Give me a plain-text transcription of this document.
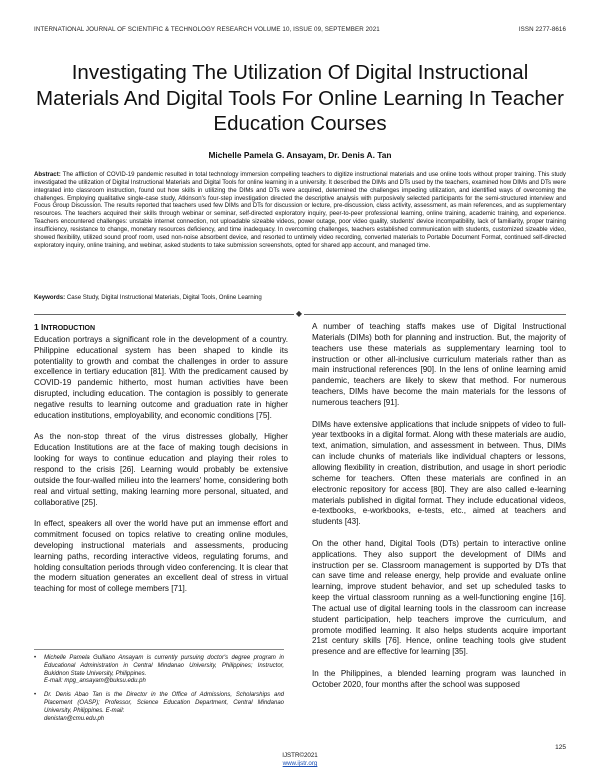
INTERNATIONAL JOURNAL OF SCIENTIFIC & TECHNOLOGY RESEARCH VOLUME 10, ISSUE 09, SEPTEMBER 2021	ISSN 2277-8616
Investigating The Utilization Of Digital Instructional Materials And Digital Tools For Online Learning In Teacher Education Courses
Michelle Pamela G. Ansayam, Dr. Denis A. Tan
Abstract: The affliction of COVID-19 pandemic resulted in total technology immersion compelling teachers to digitize instructional materials and use online tools without proper training. This study investigated the utilization of Digital Instructional Materials and Digital Tools for online learning in a university. It described the DIMs and DTs used by the teachers, examined how DIMs and DTs were integrated into classroom instruction, found out how skills in utilizing the DIMs and DTs were acquired, determined the challenges impeding utilization, and identified ways of overcoming the challenges. Employing qualitative single-case study, Atkinson's four-step investigation directed the descriptive analysis with purposively selected participants for the semi-structured interview and Focus Group Discussion. The results reported that teachers used few DIMs and DTs for discussion or lecture, pre-discussion, class activity, assessment, as main references, and as supplementary resources. The teachers acquired their skills through webinar or seminar, self-directed exploratory inquiry, peer-to-peer professional learning, online training, academic training, and experience. Teachers encountered challenges: unstable internet connection, not uploadable sizeable videos, power outage, poor video quality, students' device incompatibility, lack of familiarity, proper training insufficiency, resistance to change, monetary resources deficiency, and time inadequacy. In overcoming challenges, teachers established communication with students, customized sizeable video, showed flexibility, utilized sound proof room, used non-noise absorbent device, and resorted to untimely video recording, converted materials to Portable Document Format, continued self-directed exploratory inquiry, online training, and webinar, asked students to take submission screenshots, opted for shared app account, and managed time.
Keywords: Case Study, Digital Instructional Materials, Digital Tools, Online Learning
◆
1 INTRODUCTION

Education portrays a significant role in the development of a country. Philippine educational system has been shaped to kindle its potentiality to growth and combat the challenges in order to assure excellence in tertiary education [81]. With the predicament caused by COVID-19 pandemic hitherto, most human activities have been disrupted, including education. The contagion is possibly to generate negative results to learning outcome and graduation rate in higher education institutions, employability, and economic conditions [75].

As the non-stop threat of the virus distresses globally, Higher Education Institutions are at the face of making tough decisions in looking for ways to continue education and playing their roles to respond to the crisis [26]. Learning would probably be extensive outside the four-walled milieu into the learners' home, considering both real and virtual setting, making learning more personal, situated, and collaborative [25].

In effect, speakers all over the world have put an immense effort and commitment focused on topics relative to creating online modules, developing instructional materials and assessments, producing learning paths, recording interactive videos, regulating forums, and holding consultation periods through video conferencing. It is clear that the modern situation generates an excellent deal of stress in virtual teaching for most of college members [71].

• Michelle Pamela Gulliano Ansayam is currently pursuing doctor's degree program in Educational Administration in Central Mindanao University, Philippines; Instructor, Bukidnon State University, Philippines.
E-mail: mpg_ansayam@buksu.edu.ph
• Dr. Denis Abao Tan is the Director in the Office of Admissions, Scholarships and Placement (OASP); Professor, Science Education Department, Central Mindanao University, Philippines. E-mail:
denistan@cmu.edu.ph

A number of teaching staffs makes use of Digital Instructional Materials (DIMs) both for planning and instruction. But, the majority of teachers use these materials as supplementary learning tool to instruction or other all-inclusive curriculum materials rather than as main instructional references [90]. In the lens of online learning amid pandemic, teachers are likely to skew that method. For numerous teachers, DIMs have become the main materials for the lessons of numerous teachers [91].

DIMs have extensive applications that include snippets of video to full-year textbooks in a digital format. Along with these materials are audio, text, animation, simulation, and assessment in between. Thus, DIMs can include chunks of materials like individual chapters or lessons, allowing flexibility in creation, distribution, and usage in short periodic scheme for teachers. Often these materials are confined in an electronic repository for access [80]. They are also called e-learning materials published in digital format. They include educational videos, e-textbooks, e-workbooks, e-tests, etc., aimed at teachers and students [43].

On the other hand, Digital Tools (DTs) pertain to interactive online applications. They also support the development of DIMs and instruction per se. Classroom management is supported by DTs that can save time and release energy, help provide and evaluate online learning, improve student behavior, and set up scheduled tasks to keep the virtual classroom running as a well-functioning engine [16]. The actual use of digital learning tools in the classroom can increase student participation, help teachers improve the curriculum, and promote modified learning. It also helps students acquire important 21st century skills [76]. Hence, online teaching tools give student presence and are effective for learning [35].

In the Philippines, a blended learning program was launched in October 2020, four months after the school was supposed

125
IJSTR©2021
www.ijstr.org
